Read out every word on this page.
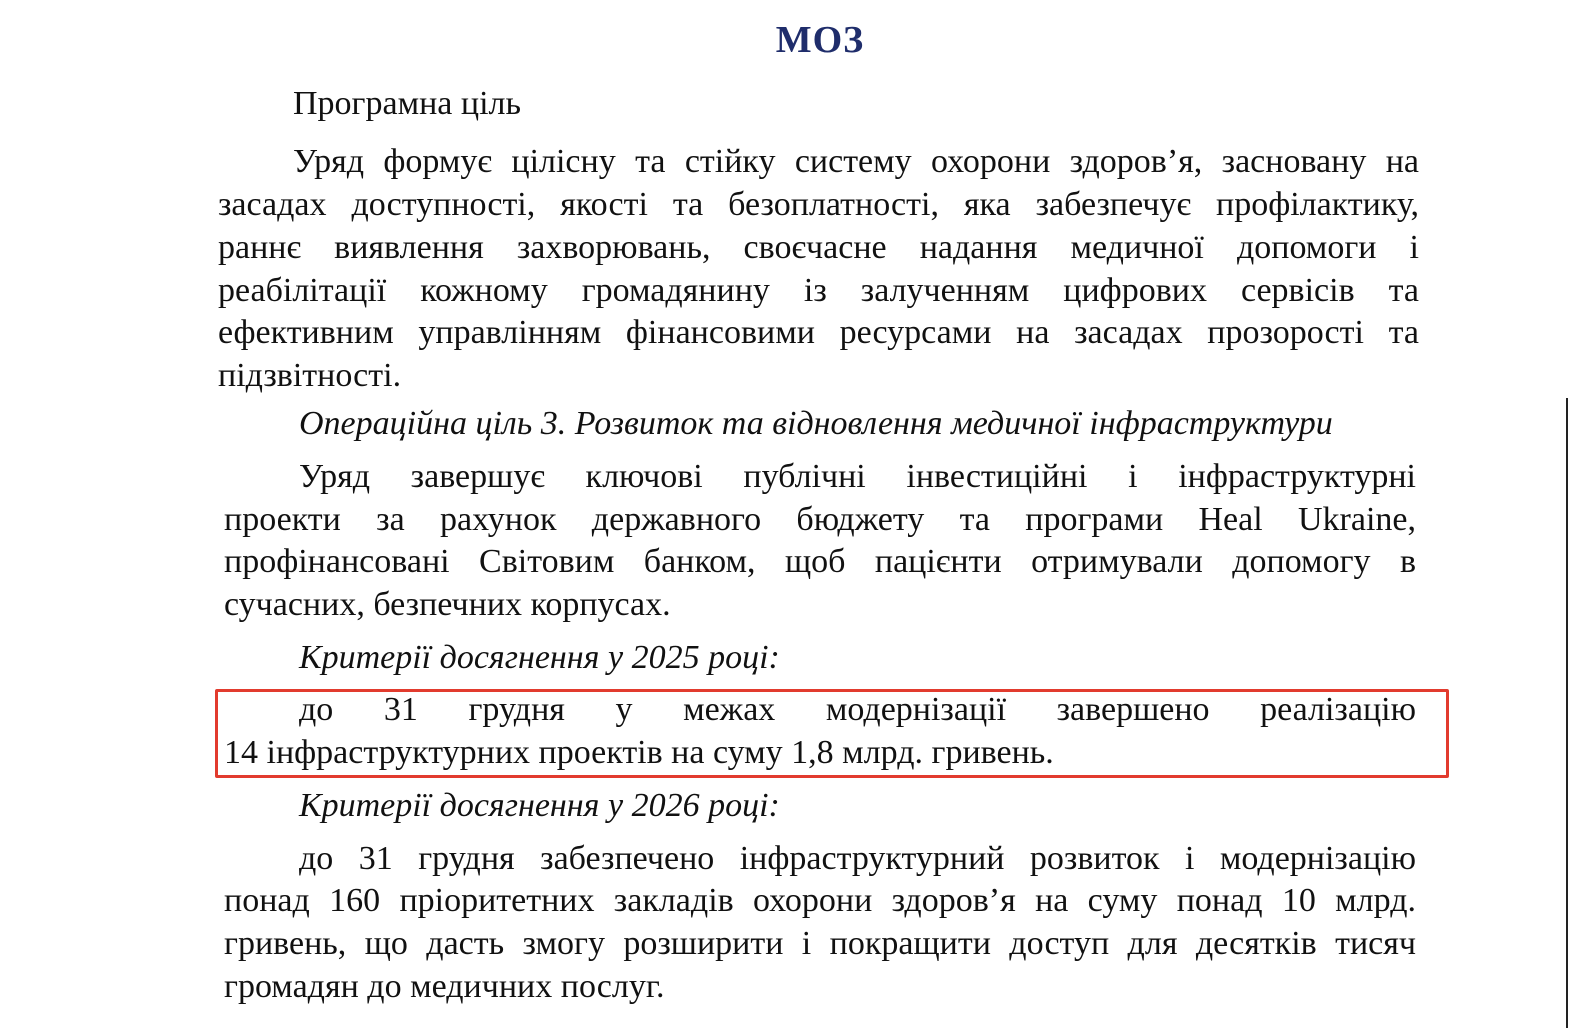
МОЗ
Програмна ціль
Уряд формує цілісну та стійку систему охорони здоров’я, засновану на
засадах доступності, якості та безоплатності, яка забезпечує профілактику,
раннє виявлення захворювань, своєчасне надання медичної допомоги і
реабілітації кожному громадянину із залученням цифрових сервісів та
ефективним управлінням фінансовими ресурсами на засадах прозорості та
підзвітності.
Операційна ціль 3. Розвиток та відновлення медичної інфраструктури
Уряд завершує ключові публічні інвестиційні і інфраструктурні
проекти за рахунок державного бюджету та програми Heal Ukraine,
профінансовані Світовим банком, щоб пацієнти отримували допомогу в
сучасних, безпечних корпусах.
Критерії досягнення у 2025 році:
до 31 грудня у межах модернізації завершено реалізацію
14 інфраструктурних проектів на суму 1,8 млрд. гривень.
Критерії досягнення у 2026 році:
до 31 грудня забезпечено інфраструктурний розвиток і модернізацію
понад 160 пріоритетних закладів охорони здоров’я на суму понад 10 млрд.
гривень, що дасть змогу розширити і покращити доступ для десятків тисяч
громадян до медичних послуг.
